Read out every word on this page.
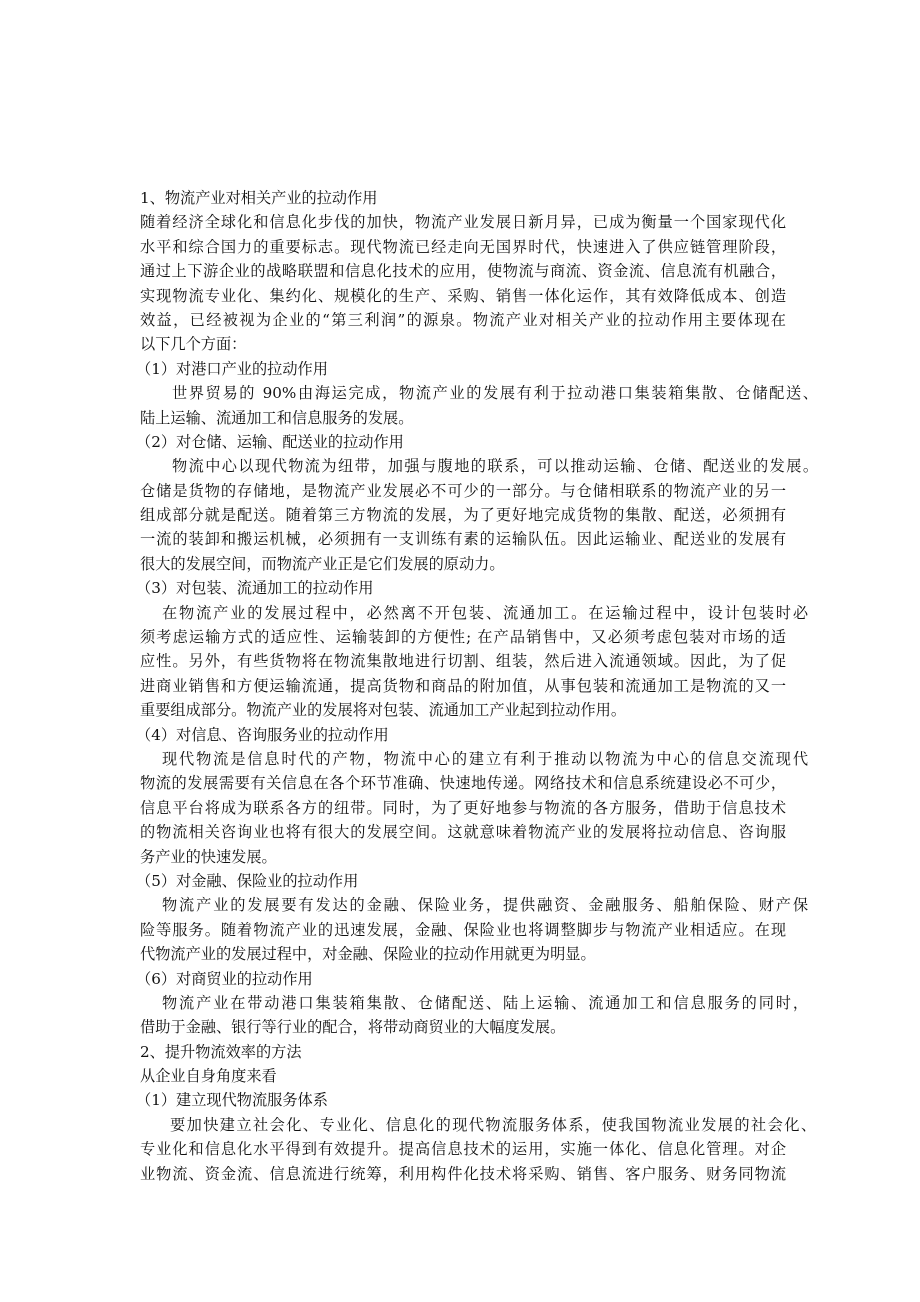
1、物流产业对相关产业的拉动作用
随着经济全球化和信息化步伐的加快，物流产业发展日新月异，已成为衡量一个国家现代化
水平和综合国力的重要标志。现代物流已经走向无国界时代，快速进入了供应链管理阶段，
通过上下游企业的战略联盟和信息化技术的应用，使物流与商流、资金流、信息流有机融合，
实现物流专业化、集约化、规模化的生产、采购、销售一体化运作，其有效降低成本、创造
效益，已经被视为企业的“第三利润”的源泉。物流产业对相关产业的拉动作用主要体现在
以下几个方面：
（1）对港口产业的拉动作用
世界贸易的 90%由海运完成，物流产业的发展有利于拉动港口集装箱集散、仓储配送、
陆上运输、流通加工和信息服务的发展。
（2）对仓储、运输、配送业的拉动作用
物流中心以现代物流为纽带，加强与腹地的联系，可以推动运输、仓储、配送业的发展。
仓储是货物的存储地，是物流产业发展必不可少的一部分。与仓储相联系的物流产业的另一
组成部分就是配送。随着第三方物流的发展，为了更好地完成货物的集散、配送，必须拥有
一流的装卸和搬运机械，必须拥有一支训练有素的运输队伍。因此运输业、配送业的发展有
很大的发展空间，而物流产业正是它们发展的原动力。
（3）对包装、流通加工的拉动作用
在物流产业的发展过程中，必然离不开包装、流通加工。在运输过程中，设计包装时必
须考虑运输方式的适应性、运输装卸的方便性; 在产品销售中，又必须考虑包装对市场的适
应性。另外，有些货物将在物流集散地进行切割、组装，然后进入流通领域。因此，为了促
进商业销售和方便运输流通，提高货物和商品的附加值，从事包装和流通加工是物流的又一
重要组成部分。物流产业的发展将对包装、流通加工产业起到拉动作用。
（4）对信息、咨询服务业的拉动作用
现代物流是信息时代的产物，物流中心的建立有利于推动以物流为中心的信息交流现代
物流的发展需要有关信息在各个环节准确、快速地传递。网络技术和信息系统建设必不可少，
信息平台将成为联系各方的纽带。同时，为了更好地参与物流的各方服务，借助于信息技术
的物流相关咨询业也将有很大的发展空间。这就意味着物流产业的发展将拉动信息、咨询服
务产业的快速发展。
（5）对金融、保险业的拉动作用
物流产业的发展要有发达的金融、保险业务，提供融资、金融服务、船舶保险、财产保
险等服务。随着物流产业的迅速发展，金融、保险业也将调整脚步与物流产业相适应。在现
代物流产业的发展过程中，对金融、保险业的拉动作用就更为明显。
（6）对商贸业的拉动作用
物流产业在带动港口集装箱集散、仓储配送、陆上运输、流通加工和信息服务的同时，
借助于金融、银行等行业的配合，将带动商贸业的大幅度发展。
2、提升物流效率的方法
从企业自身角度来看
（1）建立现代物流服务体系
要加快建立社会化、专业化、信息化的现代物流服务体系，使我国物流业发展的社会化、
专业化和信息化水平得到有效提升。提高信息技术的运用，实施一体化、信息化管理。对企
业物流、资金流、信息流进行统筹，利用构件化技术将采购、销售、客户服务、财务同物流
